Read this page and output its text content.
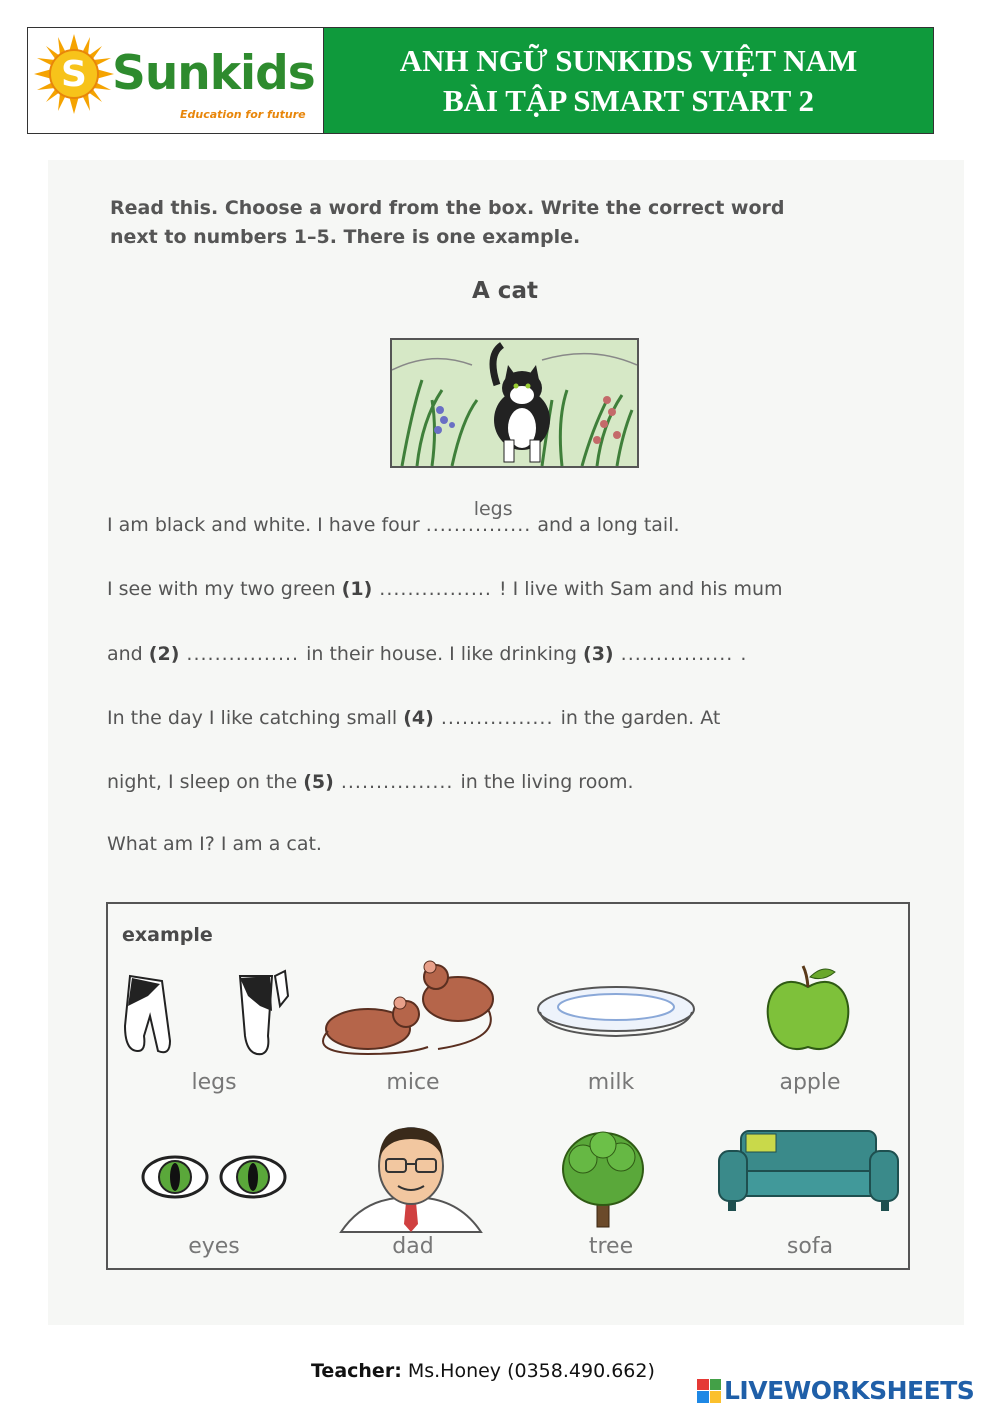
S Sunkids
Education for future
ANH NGỮ SUNKIDS VIỆT NAM
BÀI TẬP SMART START 2
Read this. Choose a word from the box. Write the correct word
next to numbers 1–5. There is one example.
A cat
I am black and white. I have four ...............
legs
and a long tail.
I see with my two green (1) ................ ! I live with Sam and his mum
and (2) ................ in their house. I like drinking (3) ................ .
In the day I like catching small (4) ................ in the garden. At
night, I sleep on the (5) ................ in the living room.
What am I? I am a cat.
example
legs	mice	milk	apple
eyes	dad	tree	sofa
Teacher: Ms.Honey (0358.490.662)
LIVEWORKSHEETS
